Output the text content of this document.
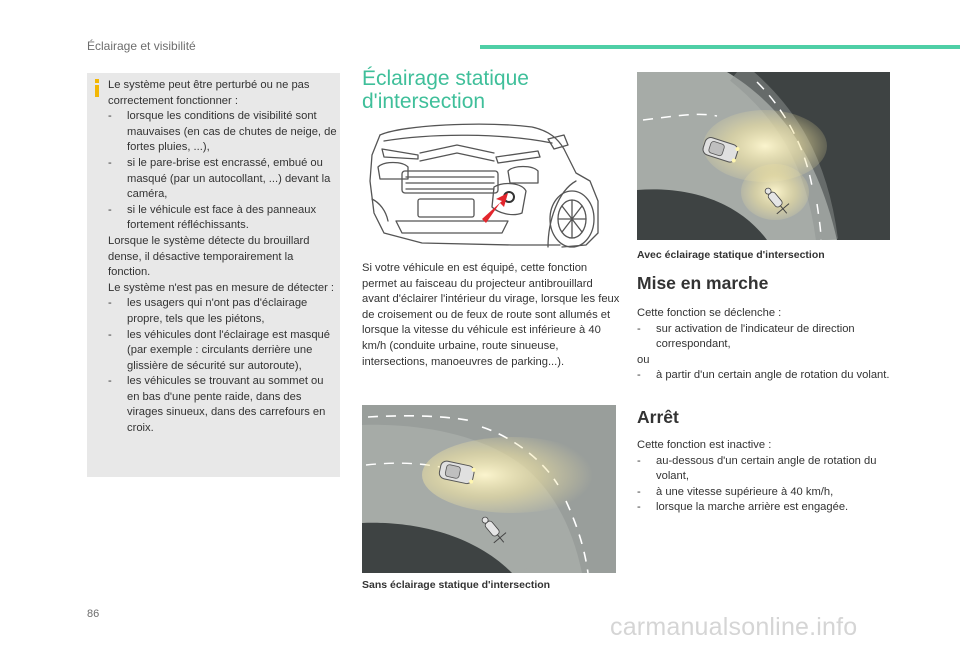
Éclairage et visibilité
Le système peut être perturbé ou ne pas correctement fonctionner :
- lorsque les conditions de visibilité sont mauvaises (en cas de chutes de neige, de fortes pluies, ...),
- si le pare-brise est encrassé, embué ou masqué (par un autocollant, ...) devant la caméra,
- si le véhicule est face à des panneaux fortement réfléchissants.
Lorsque le système détecte du brouillard dense, il désactive temporairement la fonction.
Le système n'est pas en mesure de détecter :
- les usagers qui n'ont pas d'éclairage propre, tels que les piétons,
- les véhicules dont l'éclairage est masqué (par exemple : circulants derrière une glissière de sécurité sur autoroute),
- les véhicules se trouvant au sommet ou en bas d'une pente raide, dans des virages sinueux, dans des carrefours en croix.
Éclairage statique d'intersection
Si votre véhicule en est équipé, cette fonction permet au faisceau du projecteur antibrouillard avant d'éclairer l'intérieur du virage, lorsque les feux de croisement ou de feux de route sont allumés et lorsque la vitesse du véhicule est inférieure à 40 km/h (conduite urbaine, route sinueuse, intersections, manoeuvres de parking...).
Sans éclairage statique d'intersection
Avec éclairage statique d'intersection
Mise en marche
Cette fonction se déclenche :
- sur activation de l'indicateur de direction correspondant,
ou
- à partir d'un certain angle de rotation du volant.
Arrêt
Cette fonction est inactive :
- au-dessous d'un certain angle de rotation du volant,
- à une vitesse supérieure à 40 km/h,
- lorsque la marche arrière est engagée.
86	carmanualsonline.info
